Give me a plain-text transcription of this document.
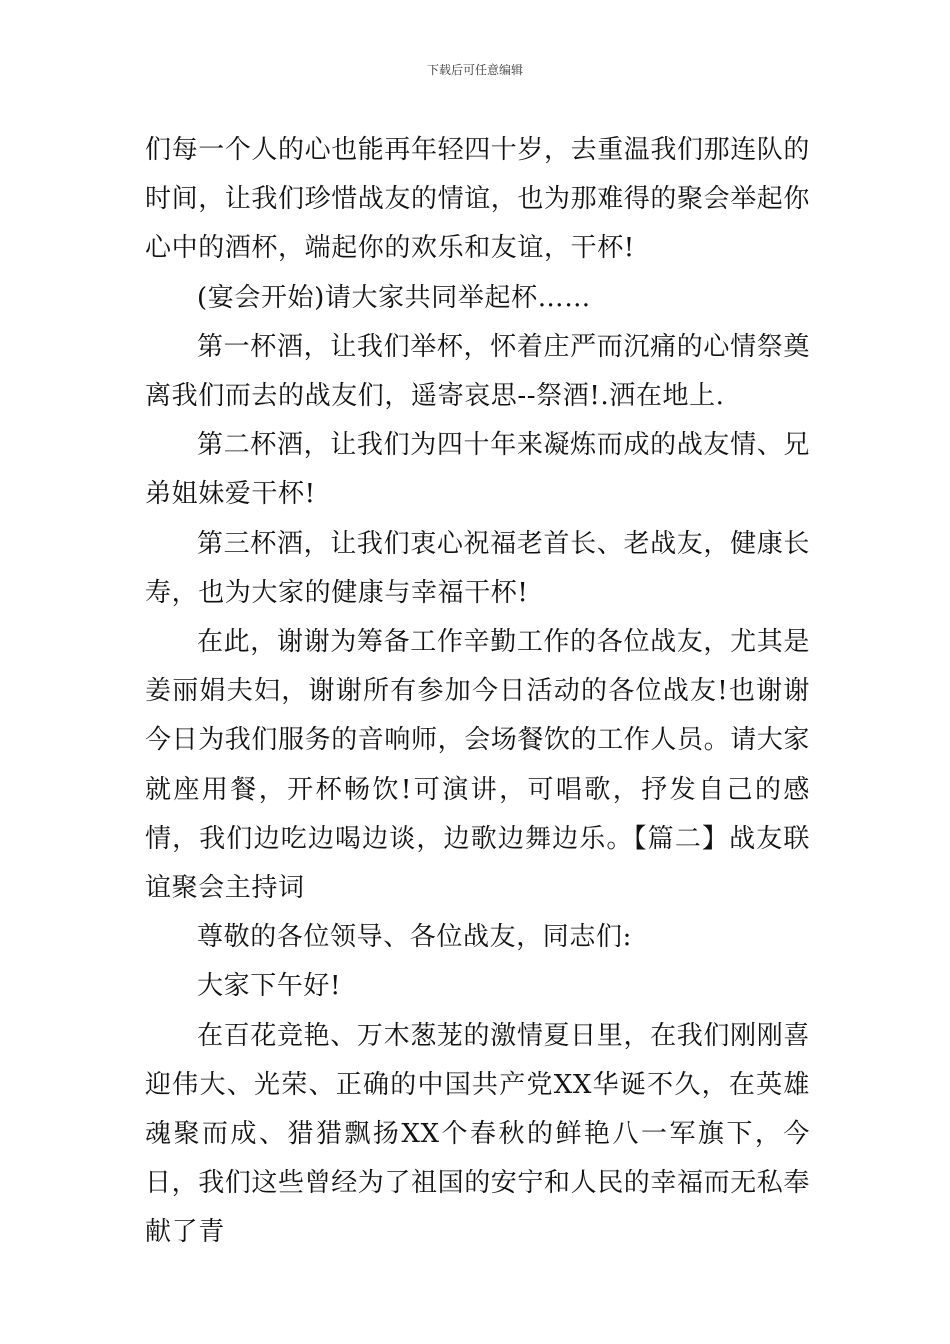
下载后可任意编辑

们每一个人的心也能再年轻四十岁，去重温我们那连队的时间，让我们珍惜战友的情谊，也为那难得的聚会举起你心中的酒杯，端起你的欢乐和友谊，干杯!

(宴会开始)请大家共同举起杯……

第一杯酒，让我们举杯，怀着庄严而沉痛的心情祭奠离我们而去的战友们，遥寄哀思--祭酒!.洒在地上.

第二杯酒，让我们为四十年来凝炼而成的战友情、兄弟姐妹爱干杯!

第三杯酒，让我们衷心祝福老首长、老战友，健康长寿，也为大家的健康与幸福干杯!

在此，谢谢为筹备工作辛勤工作的各位战友，尤其是姜丽娟夫妇，谢谢所有参加今日活动的各位战友!也谢谢今日为我们服务的音响师，会场餐饮的工作人员。请大家就座用餐，开杯畅饮!可演讲，可唱歌，抒发自己的感情，我们边吃边喝边谈，边歌边舞边乐。【篇二】战友联谊聚会主持词

尊敬的各位领导、各位战友，同志们:

大家下午好!

在百花竞艳、万木葱茏的激情夏日里，在我们刚刚喜迎伟大、光荣、正确的中国共产党XX华诞不久，在英雄魂聚而成、猎猎飘扬XX个春秋的鲜艳八一军旗下，今日，我们这些曾经为了祖国的安宁和人民的幸福而无私奉献了青
